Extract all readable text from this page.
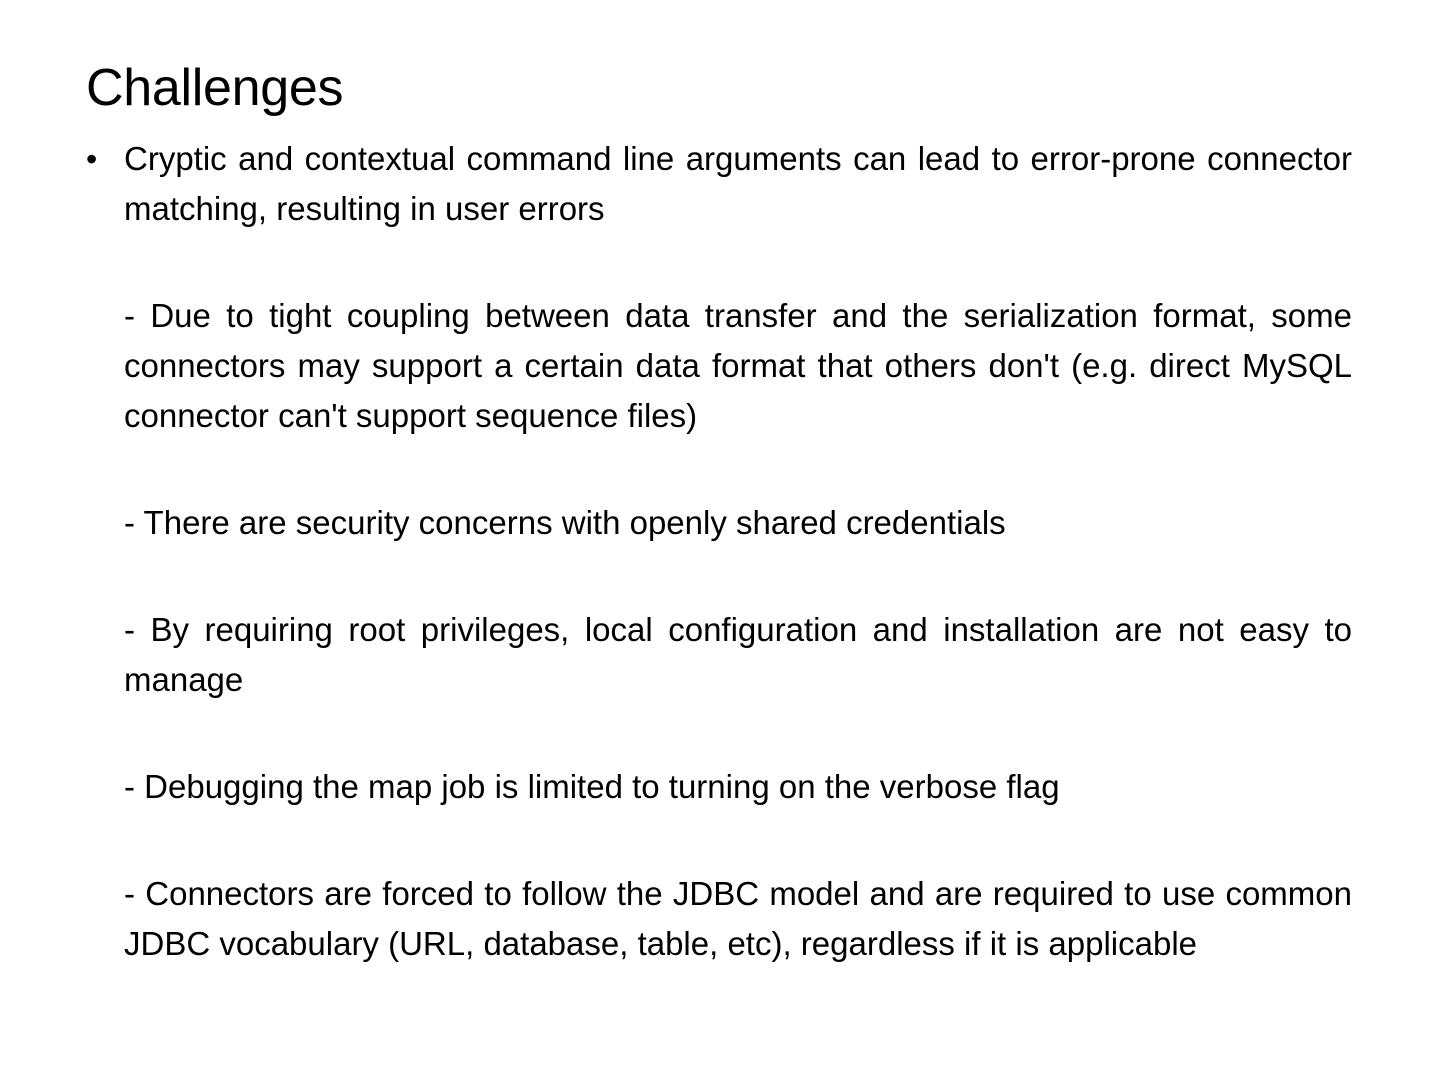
Challenges
• Cryptic and contextual command line arguments can lead to error-prone connector matching, resulting in user errors

- Due to tight coupling between data transfer and the serialization format, some connectors may support a certain data format that others don't (e.g. direct MySQL connector can't support sequence files)

- There are security concerns with openly shared credentials

- By requiring root privileges, local configuration and installation are not easy to manage

- Debugging the map job is limited to turning on the verbose flag

- Connectors are forced to follow the JDBC model and are required to use common JDBC vocabulary (URL, database, table, etc), regardless if it is applicable
